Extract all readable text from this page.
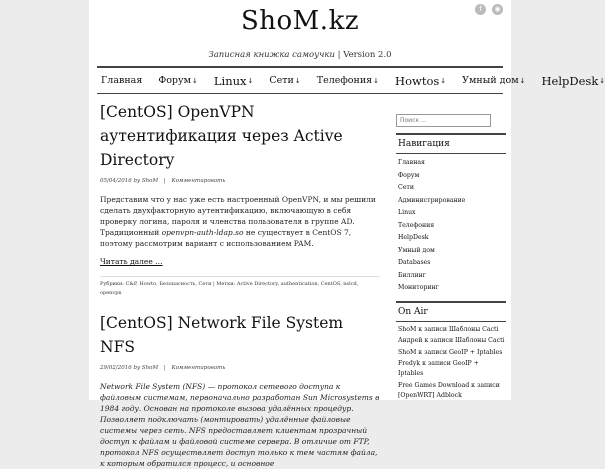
f	◉
ShoM.kz
Записная книжка самоучки | Version 2.0
Главная Форум ↓ Linux ↓ Сети ↓ Телефония ↓ Howtos ↓ Умный дом ↓ HelpDesk ↓
[CentOS] OpenVPN аутентификация через Active Directory
05/04/2016 by ShoM | Комментировать
Представим что у нас уже есть настроенный OpenVPN, и мы решили сделать двухфакторную аутентификацию, включающую в себя проверку логина, пароля и членства пользователя в группе AD. Традиционный openvpn-auth-ldap.so не существует в CentOS 7, поэтому рассмотрим вариант с использованием PAM.
Читать далее …
Рубрики: C&P, Howto, Безопасность, Сети | Метки: Active Directory, authentication, CentOS, nslcd, openvpn
[CentOS] Network File System NFS
29/02/2016 by ShoM | Комментировать
Network File System (NFS) — протокол сетевого доступа к файловым системам, первоначально разработан Sun Microsystems в 1984 году. Основан на протоколе вызова удалённых процедур. Позволяет подключать (монтировать) удалённые файловые системы через сеть. NFS предоставляет клиентам прозрачный доступ к файлам и файловой системе сервера. В отличие от FTP, протокол NFS осуществляет доступ только к тем частям файла, к которым обратился процесс, и основное
Поиск ...
Навигация
Главная
Форум
Сети
Администрирование
Linux
Телефония
HelpDesk
Умный дом
Databases
Биллинг
Мониторинг
On Air
ShoM к записи Шаблоны Cacti
Андрей к записи Шаблоны Cacti
ShoM к записи GeoIP + Iptables
Fredyk к записи GeoIP + Iptables
Free Games Download к записи [OpenWRT] Adblock
